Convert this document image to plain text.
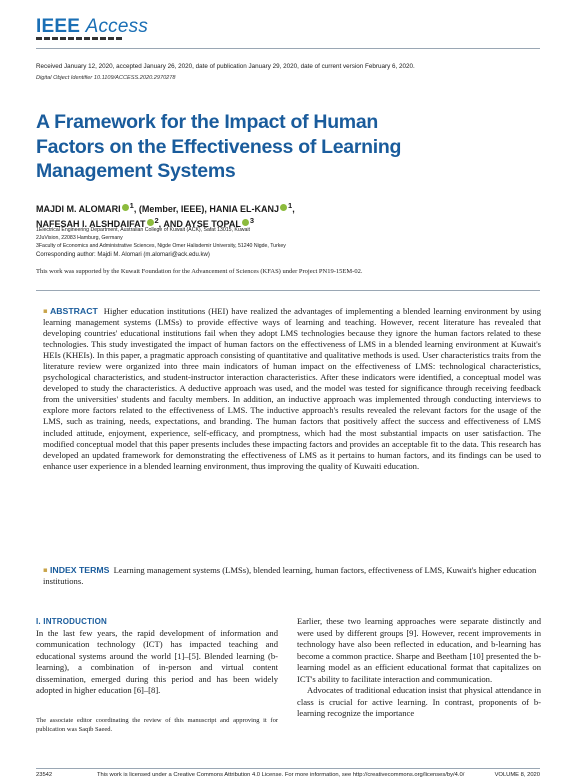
IEEE Access
Received January 12, 2020, accepted January 26, 2020, date of publication January 29, 2020, date of current version February 6, 2020.
Digital Object Identifier 10.1109/ACCESS.2020.2970278
A Framework for the Impact of Human Factors on the Effectiveness of Learning Management Systems
MAJDI M. ALOMARI $^1$, (Member, IEEE), HANIA EL-KANJ $^1$,
NAFESAH I. ALSHDAIFAT $^2$, AND AYSE TOPAL $^3$
1Electrical Engineering Department, Australian College of Kuwait (ACK), Safat 13015, Kuwait
2JuVision, 22083 Hamburg, Germany
3Faculty of Economics and Administrative Sciences, Nigde Omer Halisdemir University, 51240 Nigde, Turkey
Corresponding author: Majdi M. Alomari (m.alomari@ack.edu.kw)
This work was supported by the Kuwait Foundation for the Advancement of Sciences (KFAS) under Project PN19-15EM-02.
▪ ABSTRACT Higher education institutions (HEI) have realized the advantages of implementing a blended learning environment by using learning management systems (LMSs) to provide effective ways of learning and teaching. However, recent literature has revealed that developing countries' educational institutions fail when they adopt LMS technologies because they ignore the human factors related to these technologies. This study investigated the impact of human factors on the effectiveness of LMS in a blended learning environment at Kuwait's HEIs (KHEIs). In this paper, a pragmatic approach consisting of quantitative and qualitative methods is used. User characteristics traits from the literature review were organized into three main indicators of human impact on the effectiveness of LMS: technological characteristics, psychological characteristics, and student-instructor interaction characteristics. After these indicators were identified, a conceptual model was developed to study the characteristics. A deductive approach was used, and the model was tested for significance through receiving feedback from the universities' students and faculty members. In addition, an inductive approach was implemented through conducting interviews to explore more factors related to the effectiveness of LMS. The inductive approach's results revealed the relevant factors for the usage of the LMS, such as training, needs, expectations, and branding. The human factors that positively affect the success and effectiveness of LMS included attitude, enjoyment, experience, self-efficacy, and promptness, which had the most substantial impacts on user satisfaction. The modified conceptual model that this paper presents includes these impacting factors and provides an acceptable fit to the data. This research has developed an updated framework for demonstrating the effectiveness of LMS as it pertains to human factors, and its findings can be used to enhance user experience in a blended learning environment, thus improving the quality of Kuwaiti education.
▪ INDEX TERMS Learning management systems (LMSs), blended learning, human factors, effectiveness of LMS, Kuwait's higher education institutions.
I. INTRODUCTION

In the last few years, the rapid development of information and communication technology (ICT) has impacted teaching and educational systems around the world [1]–[5]. Blended learning (b-learning), a combination of in-person and virtual content dissemination, emerged during this period and has been widely adopted in higher education [6]–[8].

The associate editor coordinating the review of this manuscript and approving it for publication was Saqib Saeed.

Earlier, these two learning approaches were separate distinctly and were used by different groups [9]. However, recent improvements in technology have also been reflected in education, and b-learning has become a common practice. Sharpe and Beetham [10] presented the b-learning model as an efficient educational format that capitalizes on ICT's ability to facilitate interaction and communication.

Advocates of traditional education insist that physical attendance in class is crucial for active learning. In contrast, proponents of b-learning recognize the importance

23542	This work is licensed under a Creative Commons Attribution 4.0 License. For more information, see http://creativecommons.org/licenses/by/4.0/	VOLUME 8, 2020
